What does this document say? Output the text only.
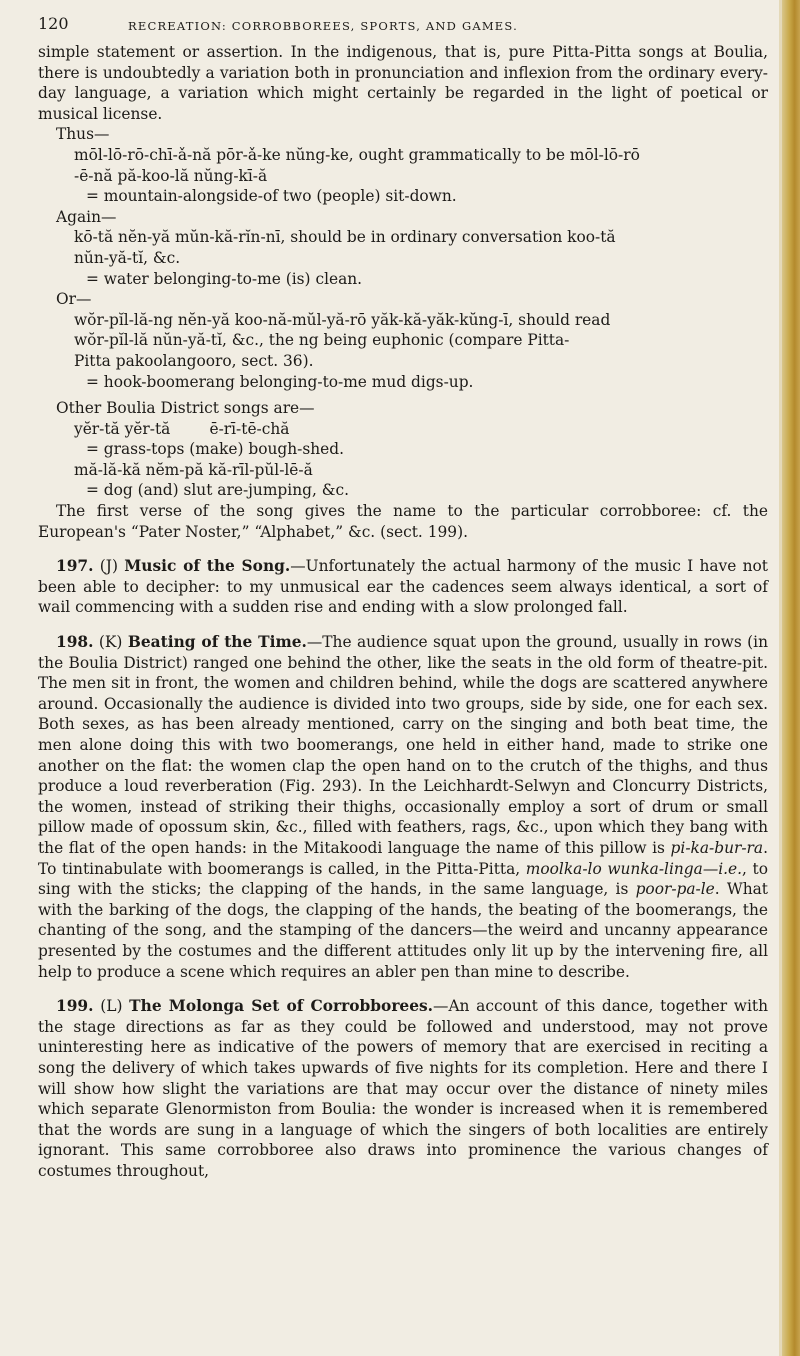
120	RECREATION: CORROBBOREES, SPORTS, AND GAMES.

simple statement or assertion. In the indigenous, that is, pure Pitta-Pitta songs at Boulia, there is undoubtedly a variation both in pronunciation and inflexion from the ordinary every-day language, a variation which might certainly be regarded in the light of poetical or musical license.

Thus—

mōl-lō-rō-chī-ǎ-nă pōr-ǎ-ke nŭng-ke, ought grammatically to be mōl-lō-rō

-ē-nă pă-koo-lă nŭng-kī-ă

= mountain-alongside-of two (people) sit-down.

Again—

kō-tă nĕn-yă mŭn-kă-rĭn-nī, should be in ordinary conversation koo-tă

nŭn-yă-tĭ, &c.

= water belonging-to-me (is) clean.

Or—

wŏr-pĭl-lă-ng nĕn-yă koo-nă-mŭl-yă-rō yăk-kă-yăk-kŭng-ī, should read

wŏr-pĭl-lă nŭn-yă-tĭ, &c., the ng being euphonic (compare Pitta-

Pitta pakoolangooro, sect. 36).

= hook-boomerang belonging-to-me mud digs-up.

Other Boulia District songs are—

yĕr-tă yĕr-tă        ē-rī-tē-chă

= grass-tops (make) bough-shed.

mă-lă-kă nĕm-pă kă-rīl-pŭl-lē-ă

= dog (and) slut are-jumping, &c.

The first verse of the song gives the name to the particular corrobboree: cf. the European's “Pater Noster,” “Alphabet,” &c. (sect. 199).

197. (J) Music of the Song.—Unfortunately the actual harmony of the music I have not been able to decipher: to my unmusical ear the cadences seem always identical, a sort of wail commencing with a sudden rise and ending with a slow prolonged fall.

198. (K) Beating of the Time.—The audience squat upon the ground, usually in rows (in the Boulia District) ranged one behind the other, like the seats in the old form of theatre-pit. The men sit in front, the women and children behind, while the dogs are scattered anywhere around. Occasionally the audience is divided into two groups, side by side, one for each sex. Both sexes, as has been already mentioned, carry on the singing and both beat time, the men alone doing this with two boomerangs, one held in either hand, made to strike one another on the flat: the women clap the open hand on to the crutch of the thighs, and thus produce a loud reverberation (Fig. 293). In the Leichhardt-Selwyn and Cloncurry Districts, the women, instead of striking their thighs, occasionally employ a sort of drum or small pillow made of opossum skin, &c., filled with feathers, rags, &c., upon which they bang with the flat of the open hands: in the Mitakoodi language the name of this pillow is pi-ka-bur-ra. To tintinabulate with boomerangs is called, in the Pitta-Pitta, moolka-lo wunka-linga—i.e., to sing with the sticks; the clapping of the hands, in the same language, is poor-pa-le. What with the barking of the dogs, the clapping of the hands, the beating of the boomerangs, the chanting of the song, and the stamping of the dancers—the weird and uncanny appearance presented by the costumes and the different attitudes only lit up by the intervening fire, all help to produce a scene which requires an abler pen than mine to describe.

199. (L) The Molonga Set of Corrobborees.—An account of this dance, together with the stage directions as far as they could be followed and understood, may not prove uninteresting here as indicative of the powers of memory that are exercised in reciting a song the delivery of which takes upwards of five nights for its completion. Here and there I will show how slight the variations are that may occur over the distance of ninety miles which separate Glenormiston from Boulia: the wonder is increased when it is remembered that the words are sung in a language of which the singers of both localities are entirely ignorant. This same corrobboree also draws into prominence the various changes of costumes throughout,
